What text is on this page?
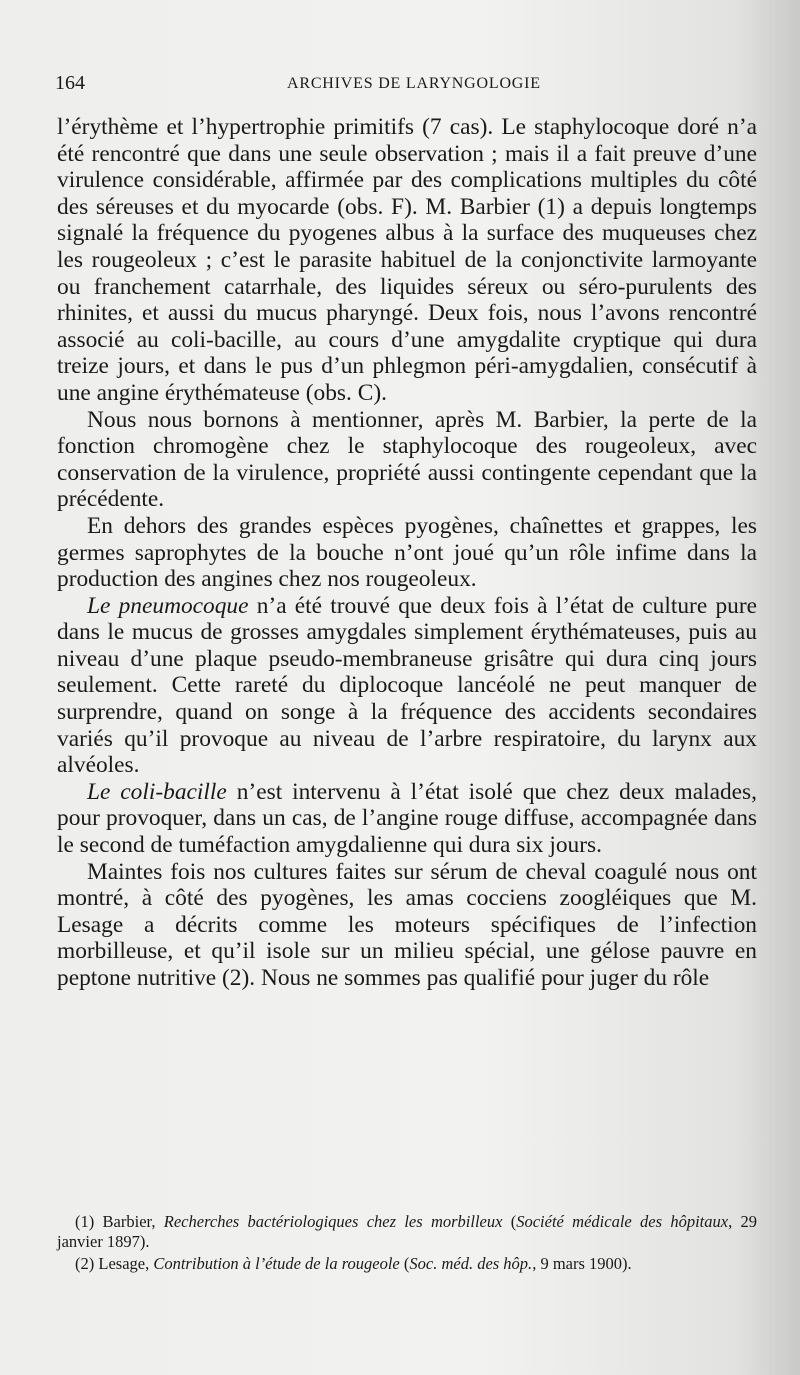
164	ARCHIVES DE LARYNGOLOGIE

l’érythème et l’hypertrophie primitifs (7 cas). Le staphylocoque doré n’a été rencontré que dans une seule observation ; mais il a fait preuve d’une virulence considérable, affirmée par des complications multiples du côté des séreuses et du myocarde (obs. F). M. Barbier (1) a depuis longtemps signalé la fréquence du pyogenes albus à la surface des muqueuses chez les rougeoleux ; c’est le parasite habituel de la conjonctivite larmoyante ou franchement catarrhale, des liquides séreux ou séro-purulents des rhinites, et aussi du mucus pharyngé. Deux fois, nous l’avons rencontré associé au coli-bacille, au cours d’une amygdalite cryptique qui dura treize jours, et dans le pus d’un phlegmon péri-amygdalien, consécutif à une angine érythémateuse (obs. C).

Nous nous bornons à mentionner, après M. Barbier, la perte de la fonction chromogène chez le staphylocoque des rougeoleux, avec conservation de la virulence, propriété aussi contingente cependant que la précédente.

En dehors des grandes espèces pyogènes, chaînettes et grappes, les germes saprophytes de la bouche n’ont joué qu’un rôle infime dans la production des angines chez nos rougeoleux.

Le pneumocoque n’a été trouvé que deux fois à l’état de culture pure dans le mucus de grosses amygdales simplement érythémateuses, puis au niveau d’une plaque pseudo-membraneuse grisâtre qui dura cinq jours seulement. Cette rareté du diplocoque lancéolé ne peut manquer de surprendre, quand on songe à la fréquence des accidents secondaires variés qu’il provoque au niveau de l’arbre respiratoire, du larynx aux alvéoles.

Le coli-bacille n’est intervenu à l’état isolé que chez deux malades, pour provoquer, dans un cas, de l’angine rouge diffuse, accompagnée dans le second de tuméfaction amygdalienne qui dura six jours.

Maintes fois nos cultures faites sur sérum de cheval coagulé nous ont montré, à côté des pyogènes, les amas cocciens zoogléiques que M. Lesage a décrits comme les moteurs spécifiques de l’infection morbilleuse, et qu’il isole sur un milieu spécial, une gélose pauvre en peptone nutritive (2). Nous ne sommes pas qualifié pour juger du rôle

(1) Barbier, Recherches bactériologiques chez les morbilleux (Société médicale des hôpitaux, 29 janvier 1897).

(2) Lesage, Contribution à l’étude de la rougeole (Soc. méd. des hôp., 9 mars 1900).
